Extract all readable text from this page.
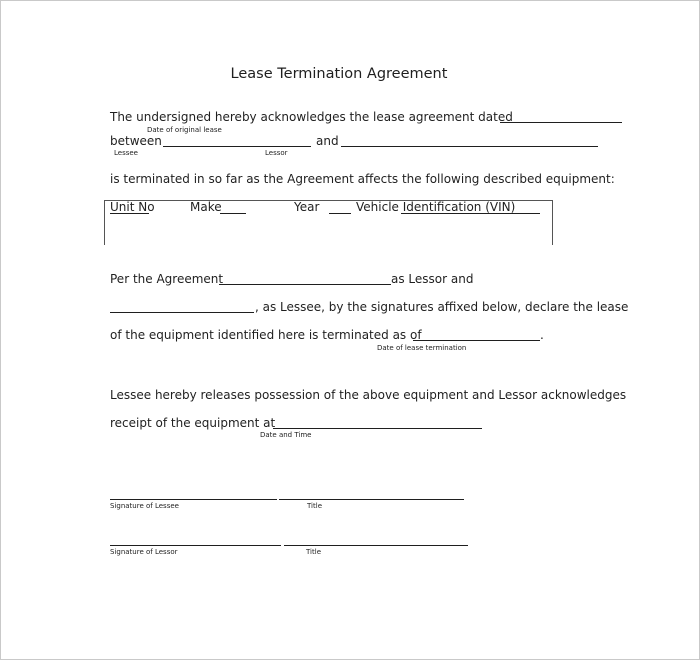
Lease Termination Agreement
The undersigned hereby acknowledges the lease agreement dated
Date of original lease
between	and
Lessee	Lessor
is terminated in so far as the Agreement affects the following described equipment:
Unit No	Make	Year	Vehicle Identification (VIN)
Per the Agreement	as Lessor and
, as Lessee, by the signatures affixed below, declare the lease
of the equipment identified here is terminated as of	.
Date of lease termination
Lessee hereby releases possession of the above equipment and Lessor acknowledges
receipt of the equipment at
Date and Time
Signature of Lessee	Title
Signature of Lessor	Title
